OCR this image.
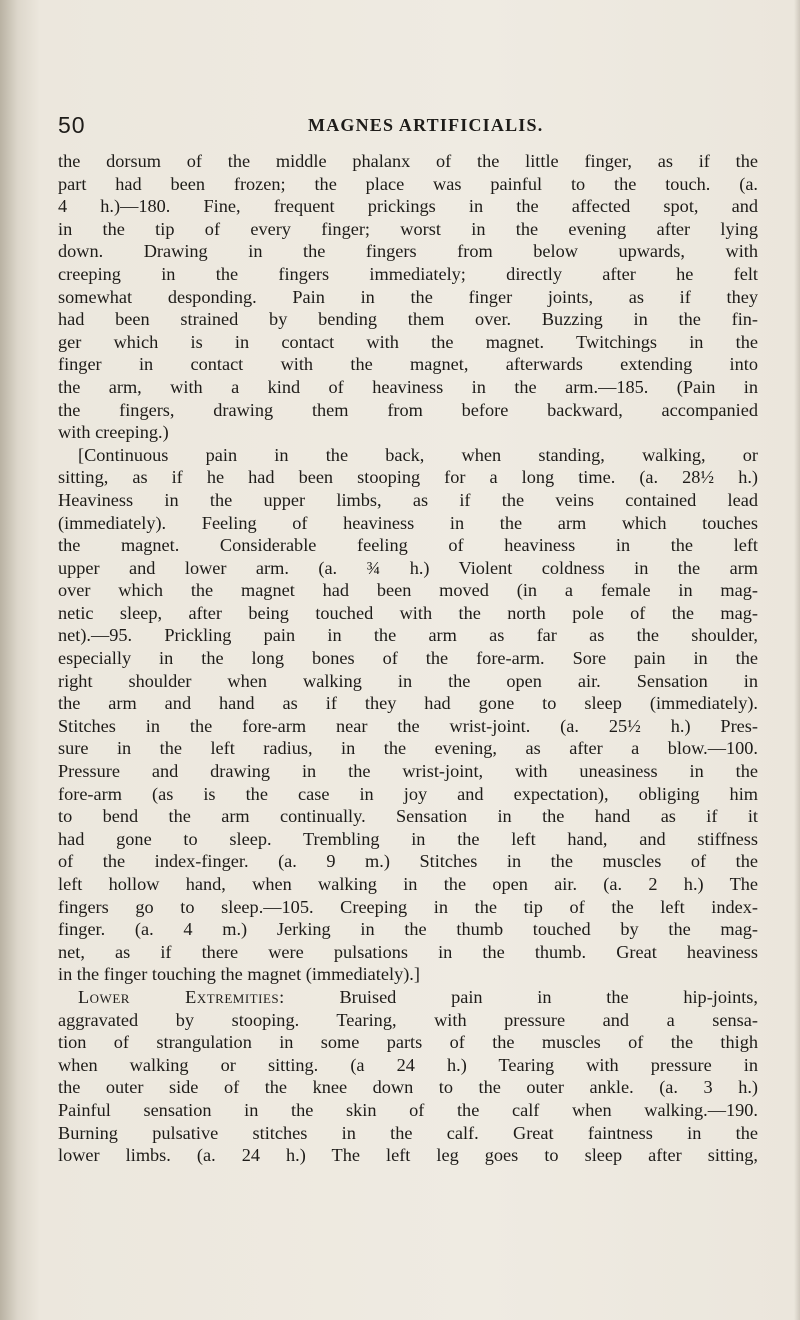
50	MAGNES ARTIFICIALIS.
the dorsum of the middle phalanx of the little finger, as if the
part had been frozen; the place was painful to the touch. (a.
4 h.)—180. Fine, frequent prickings in the affected spot, and
in the tip of every finger; worst in the evening after lying
down. Drawing in the fingers from below upwards, with
creeping in the fingers immediately; directly after he felt
somewhat desponding. Pain in the finger joints, as if they
had been strained by bending them over. Buzzing in the fin-
ger which is in contact with the magnet. Twitchings in the
finger in contact with the magnet, afterwards extending into
the arm, with a kind of heaviness in the arm.—185. (Pain in
the fingers, drawing them from before backward, accompanied
with creeping.)
[Continuous pain in the back, when standing, walking, or
sitting, as if he had been stooping for a long time. (a. 28½ h.)
Heaviness in the upper limbs, as if the veins contained lead
(immediately). Feeling of heaviness in the arm which touches
the magnet. Considerable feeling of heaviness in the left
upper and lower arm. (a. ¾ h.) Violent coldness in the arm
over which the magnet had been moved (in a female in mag-
netic sleep, after being touched with the north pole of the mag-
net).—95. Prickling pain in the arm as far as the shoulder,
especially in the long bones of the fore-arm. Sore pain in the
right shoulder when walking in the open air. Sensation in
the arm and hand as if they had gone to sleep (immediately).
Stitches in the fore-arm near the wrist-joint. (a. 25½ h.) Pres-
sure in the left radius, in the evening, as after a blow.—100.
Pressure and drawing in the wrist-joint, with uneasiness in the
fore-arm (as is the case in joy and expectation), obliging him
to bend the arm continually. Sensation in the hand as if it
had gone to sleep. Trembling in the left hand, and stiffness
of the index-finger. (a. 9 m.) Stitches in the muscles of the
left hollow hand, when walking in the open air. (a. 2 h.) The
fingers go to sleep.—105. Creeping in the tip of the left index-
finger. (a. 4 m.) Jerking in the thumb touched by the mag-
net, as if there were pulsations in the thumb. Great heaviness
in the finger touching the magnet (immediately).]
Lower Extremities: Bruised pain in the hip-joints,
aggravated by stooping. Tearing, with pressure and a sensa-
tion of strangulation in some parts of the muscles of the thigh
when walking or sitting. (a 24 h.) Tearing with pressure in
the outer side of the knee down to the outer ankle. (a. 3 h.)
Painful sensation in the skin of the calf when walking.—190.
Burning pulsative stitches in the calf. Great faintness in the
lower limbs. (a. 24 h.) The left leg goes to sleep after sitting,
